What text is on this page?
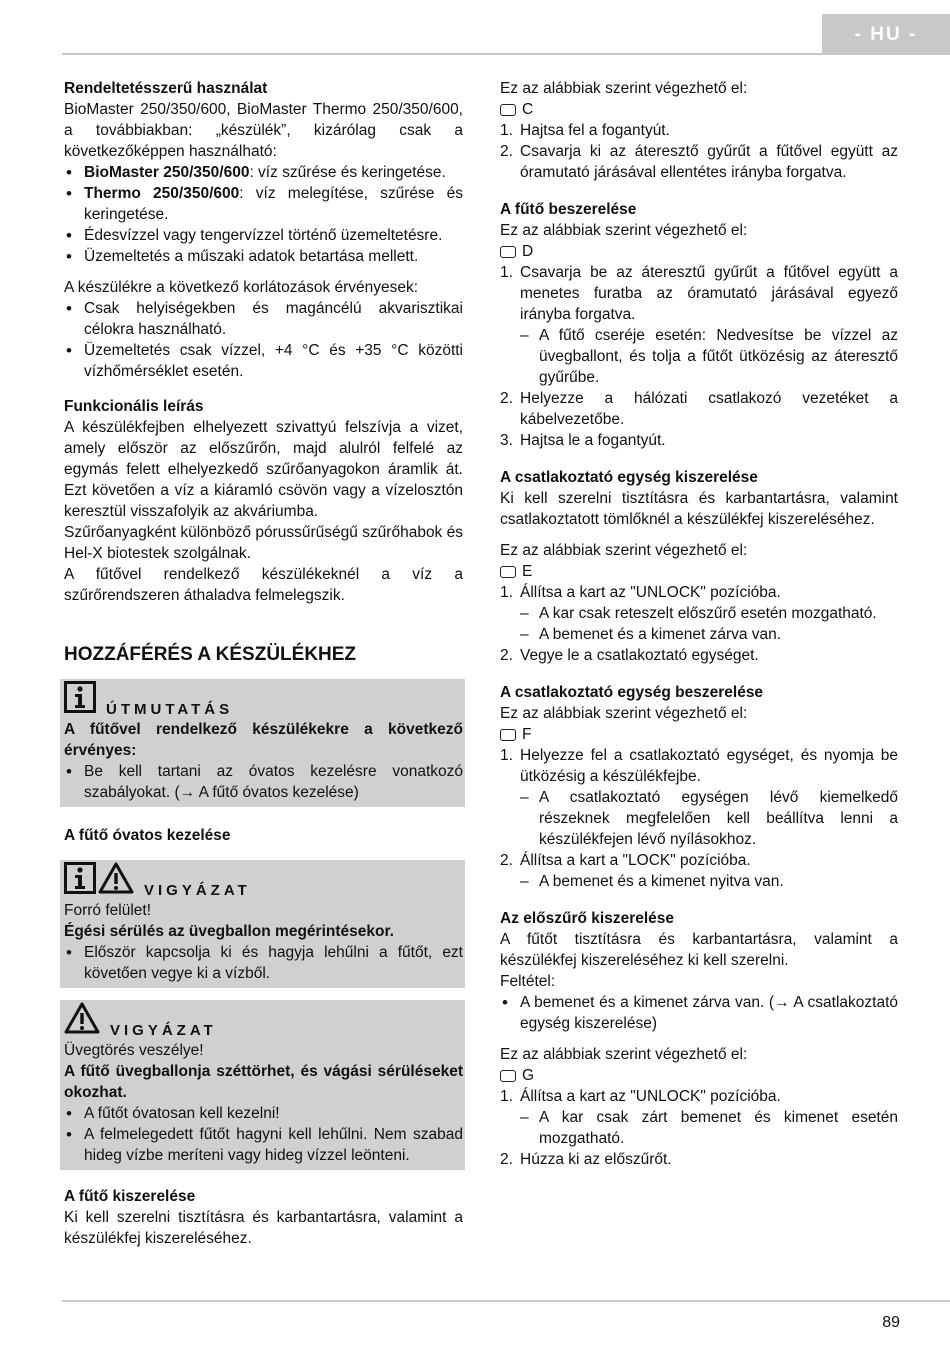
- HU -

Rendeltetésszerű használat

BioMaster 250/350/600, BioMaster Thermo 250/350/600, a továbbiakban: „készülék”, kizárólag csak a következőképpen használható:

• BioMaster 250/350/600: víz szűrése és keringetése.
• Thermo 250/350/600: víz melegítése, szűrése és keringetése.
• Édesvízzel vagy tengervízzel történő üzemeltetésre.
• Üzemeltetés a műszaki adatok betartása mellett.

A készülékre a következő korlátozások érvényesek:

• Csak helyiségekben és magáncélú akvarisztikai célokra használható.
• Üzemeltetés csak vízzel, +4 °C és +35 °C közötti vízhőmérséklet esetén.

Funkcionális leírás

A készülékfejben elhelyezett szivattyú felszívja a vizet, amely először az előszűrőn, majd alulról felfelé az egymás felett elhelyezkedő szűrőanyagokon áramlik át. Ezt követően a víz a kiáramló csövön vagy a vízelosztón keresztül visszafolyik az akváriumba.

Szűrőanyagként különböző pórussűrűségű szűrőhabok és Hel-X biotestek szolgálnak.

A fűtővel rendelkező készülékeknél a víz a szűrőrendszeren áthaladva felmelegszik.

HOZZÁFÉRÉS A KÉSZÜLÉKHEZ

ÚTMUTATÁS

A fűtővel rendelkező készülékekre a következő érvényes:

• Be kell tartani az óvatos kezelésre vonatkozó szabályokat. (→ A fűtő óvatos kezelése)

A fűtő óvatos kezelése

VIGYÁZAT

Forró felület!

Égési sérülés az üvegballon megérintésekor.

• Először kapcsolja ki és hagyja lehűlni a fűtőt, ezt követően vegye ki a vízből.
VIGYÁZAT

Üvegtörés veszélye!

A fűtő üvegballonja széttörhet, és vágási sérüléseket okozhat.

• A fűtőt óvatosan kell kezelni!
• A felmelegedett fűtőt hagyni kell lehűlni. Nem szabad hideg vízbe meríteni vagy hideg vízzel leönteni.

A fűtő kiszerelése

Ki kell szerelni tisztításra és karbantartásra, valamint a készülékfej kiszereléséhez.

Ez az alábbiak szerint végezhető el:

C

1. Hajtsa fel a fogantyút.
2. Csavarja ki az áteresztő gyűrűt a fűtővel együtt az óramutató járásával ellentétes irányba forgatva.

A fűtő beszerelése

Ez az alábbiak szerint végezhető el:

D

1. Csavarja be az áteresztű gyűrűt a fűtővel együtt a menetes furatba az óramutató járásával egyező irányba forgatva.
– A fűtő cseréje esetén: Nedvesítse be vízzel az üvegballont, és tolja a fűtőt ütközésig az áteresztő gyűrűbe.
2. Helyezze a hálózati csatlakozó vezetéket a kábelvezetőbe.
3. Hajtsa le a fogantyút.

A csatlakoztató egység kiszerelése

Ki kell szerelni tisztításra és karbantartásra, valamint csatlakoztatott tömlőknél a készülékfej kiszereléséhez.

Ez az alábbiak szerint végezhető el:

E

1. Állítsa a kart az "UNLOCK" pozícióba.
– A kar csak reteszelt előszűrő esetén mozgatható.
– A bemenet és a kimenet zárva van.
2. Vegye le a csatlakoztató egységet.

A csatlakoztató egység beszerelése

Ez az alábbiak szerint végezhető el:

F

1. Helyezze fel a csatlakoztató egységet, és nyomja be ütközésig a készülékfejbe.
– A csatlakoztató egységen lévő kiemelkedő részeknek megfelelően kell beállítva lenni a készülékfejen lévő nyílásokhoz.
2. Állítsa a kart a "LOCK" pozícióba.
– A bemenet és a kimenet nyitva van.

Az előszűrő kiszerelése

A fűtőt tisztításra és karbantartásra, valamint a készülékfej kiszereléséhez ki kell szerelni.

Feltétel:

• A bemenet és a kimenet zárva van. (→ A csatlakoztató egység kiszerelése)

Ez az alábbiak szerint végezhető el:

G

1. Állítsa a kart az "UNLOCK" pozícióba.
– A kar csak zárt bemenet és kimenet esetén mozgatható.
2. Húzza ki az előszűrőt.
89
